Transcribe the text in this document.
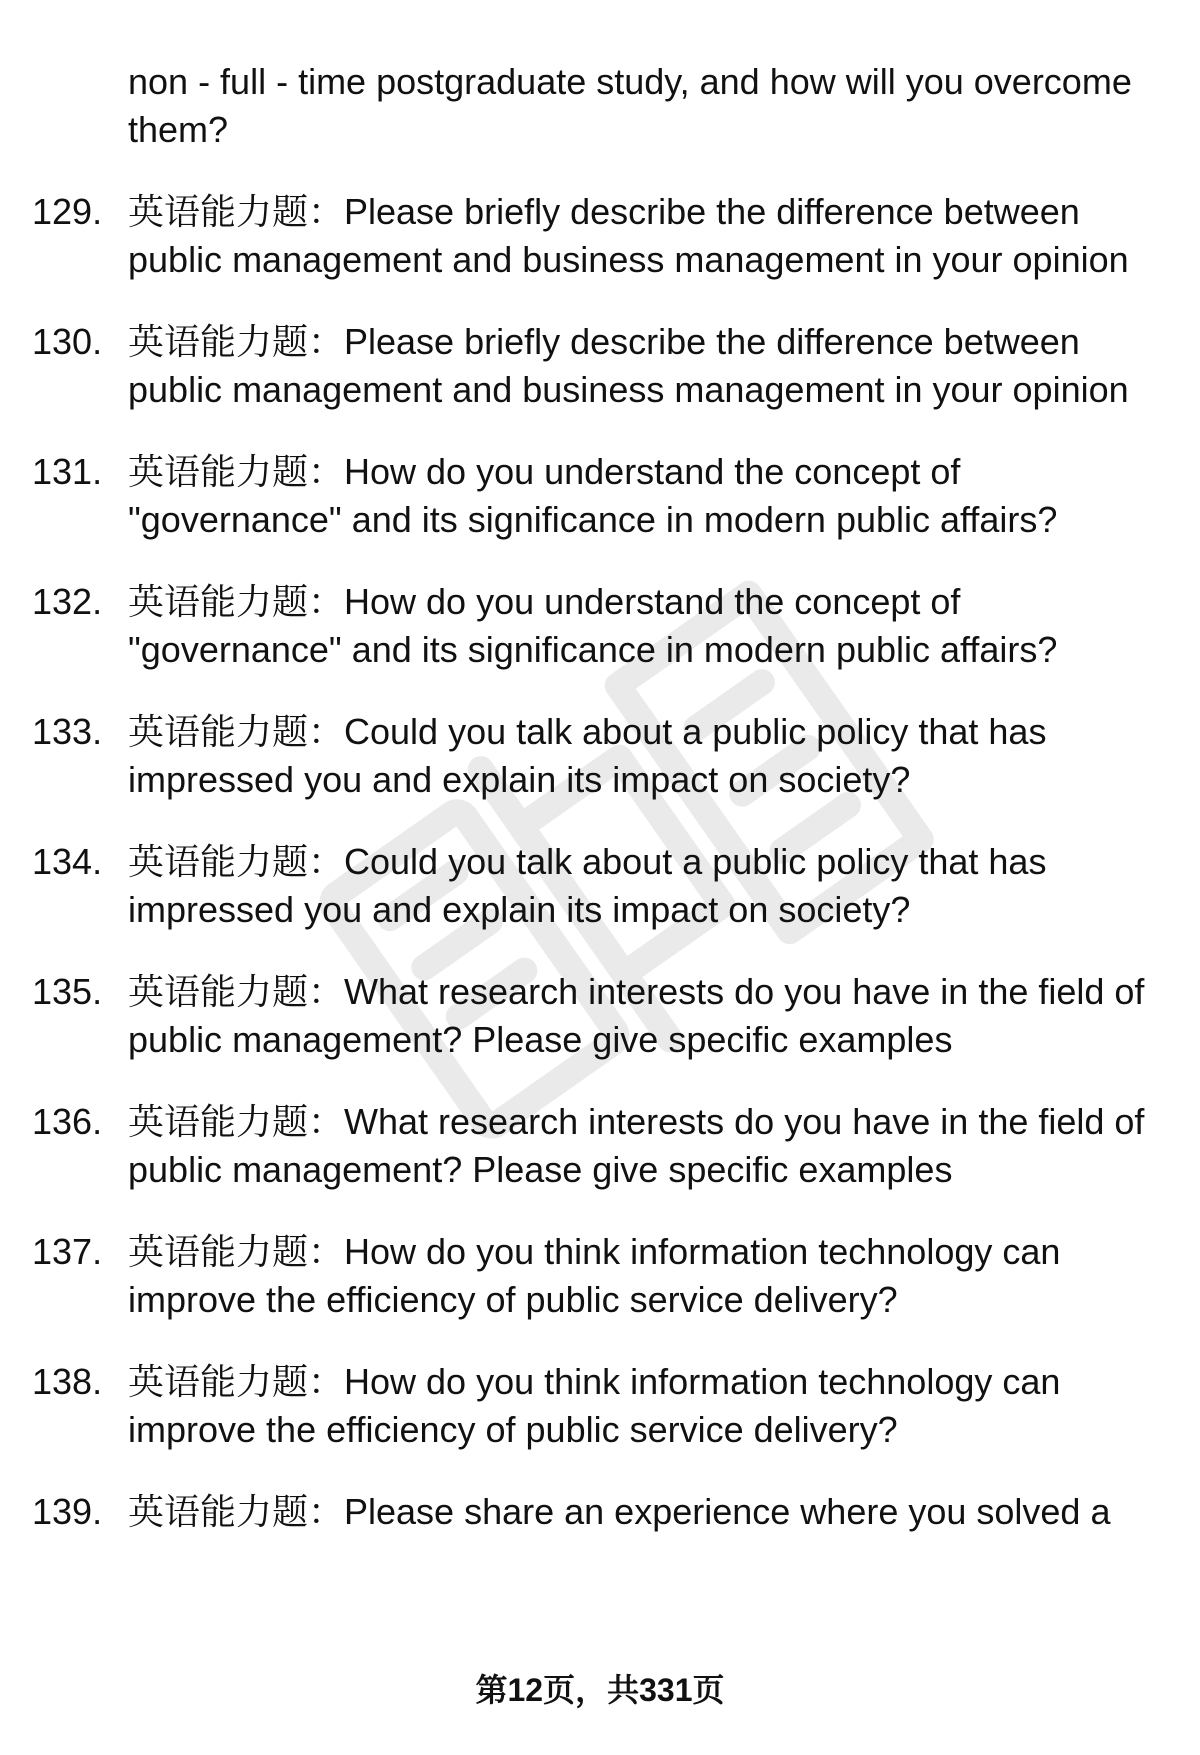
non - full - time postgraduate study, and how will you overcome them?
129. 英语能力题：Please briefly describe the difference between public management and business management in your opinion
130. 英语能力题：Please briefly describe the difference between public management and business management in your opinion
131. 英语能力题：How do you understand the concept of "governance" and its significance in modern public affairs?
132. 英语能力题：How do you understand the concept of "governance" and its significance in modern public affairs?
133. 英语能力题：Could you talk about a public policy that has impressed you and explain its impact on society?
134. 英语能力题：Could you talk about a public policy that has impressed you and explain its impact on society?
135. 英语能力题：What research interests do you have in the field of public management? Please give specific examples
136. 英语能力题：What research interests do you have in the field of public management? Please give specific examples
137. 英语能力题：How do you think information technology can improve the efficiency of public service delivery?
138. 英语能力题：How do you think information technology can improve the efficiency of public service delivery?
139. 英语能力题：Please share an experience where you solved a
第12页，共331页
